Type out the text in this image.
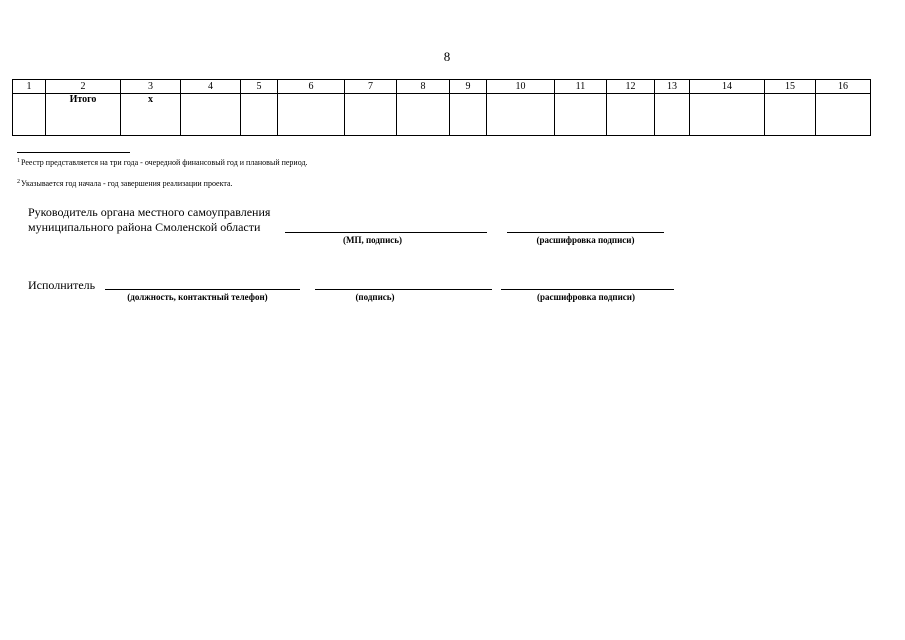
8
1	2	3	4	5	6	7	8	9	10	11	12	13	14	15	16
	Итого	х													
$^1$Реестр представляется на три года - очередной финансовый год и плановый период.
$^2$Указывается год начала - год завершения реализации проекта.
Руководитель органа местного самоуправления
муниципального района Смоленской области
(МП, подпись)	(расшифровка подписи)
Исполнитель
(должность, контактный телефон)	(подпись)	(расшифровка подписи)
